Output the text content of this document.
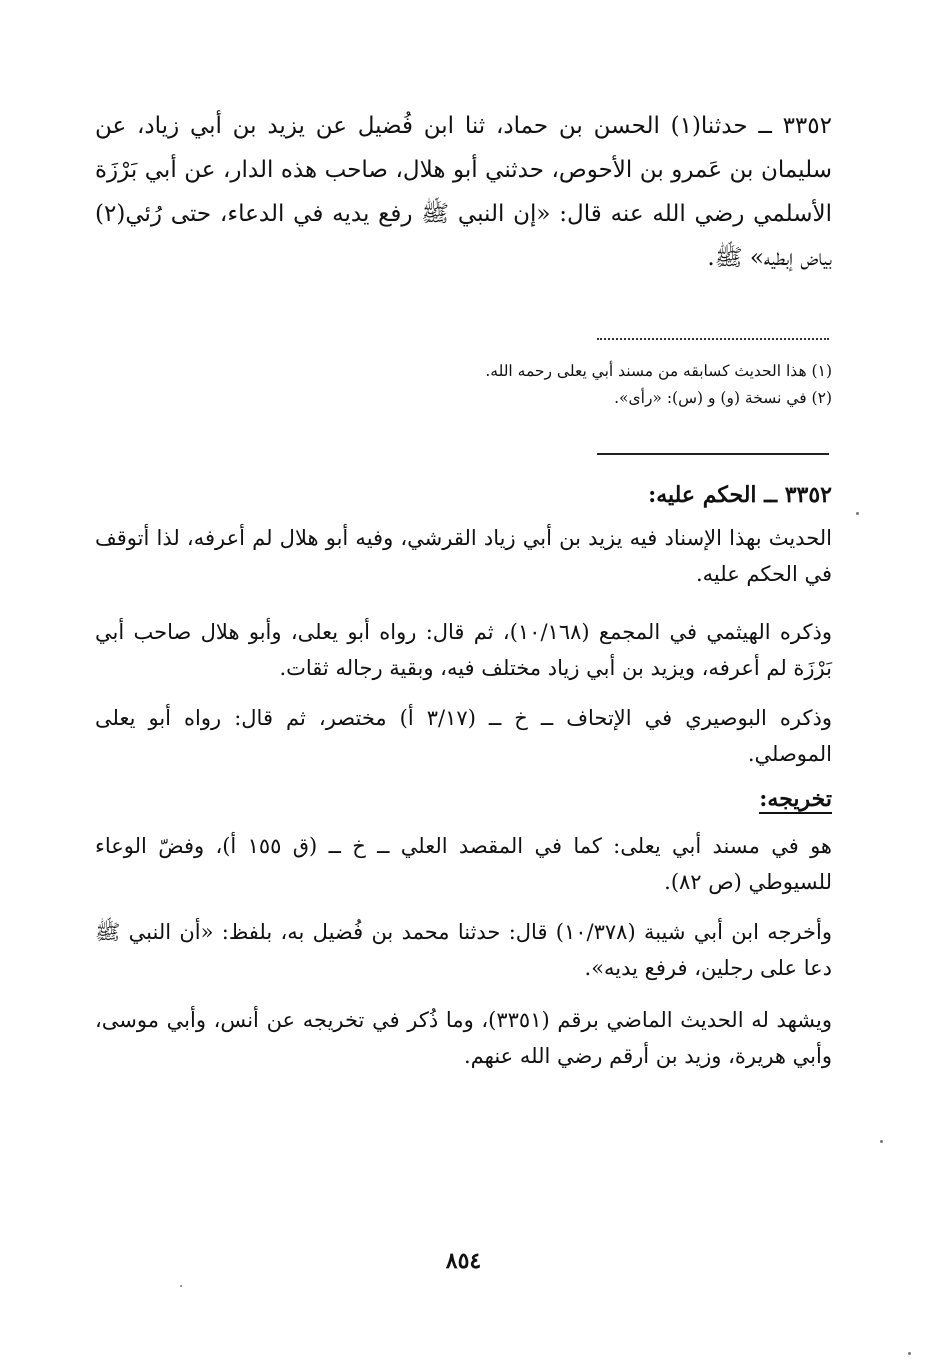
٣٣٥٢ ــ حدثنا(١) الحسن بن حماد، ثنا ابن فُضيل عن يزيد بن أبي زياد، عن سليمان بن عَمرو بن الأحوص، حدثني أبو هلال، صاحب هذه الدار، عن أبي بَرْزَة الأسلمي رضي الله عنه قال: «إن النبي ﷺ رفع يديه في الدعاء، حتى رُئي(٢) بياض إبطيه» ﷺ.
(١) هذا الحديث كسابقه من مسند أبي يعلى رحمه الله.
(٢) في نسخة (و) و (س): «رأى».
٣٣٥٢ ــ الحكم عليه:
الحديث بهذا الإسناد فيه يزيد بن أبي زياد القرشي، وفيه أبو هلال لم أعرفه، لذا أتوقف في الحكم عليه.
وذكره الهيثمي في المجمع (١٠/١٦٨)، ثم قال: رواه أبو يعلى، وأبو هلال صاحب أبي بَرْزَة لم أعرفه، ويزيد بن أبي زياد مختلف فيه، وبقية رجاله ثقات.
وذكره البوصيري في الإتحاف ــ خ ــ (٣/١٧ أ) مختصر، ثم قال: رواه أبو يعلى الموصلي.
تخريجه:
هو في مسند أبي يعلى: كما في المقصد العلي ــ خ ــ (ق ١٥٥ أ)، وفضّ الوعاء للسيوطي (ص ٨٢).
وأخرجه ابن أبي شيبة (١٠/٣٧٨) قال: حدثنا محمد بن فُضيل به، بلفظ: «أن النبي ﷺ دعا على رجلين، فرفع يديه».
ويشهد له الحديث الماضي برقم (٣٣٥١)، وما ذُكر في تخريجه عن أنس، وأبي موسى، وأبي هريرة، وزيد بن أرقم رضي الله عنهم.
٨٥٤
